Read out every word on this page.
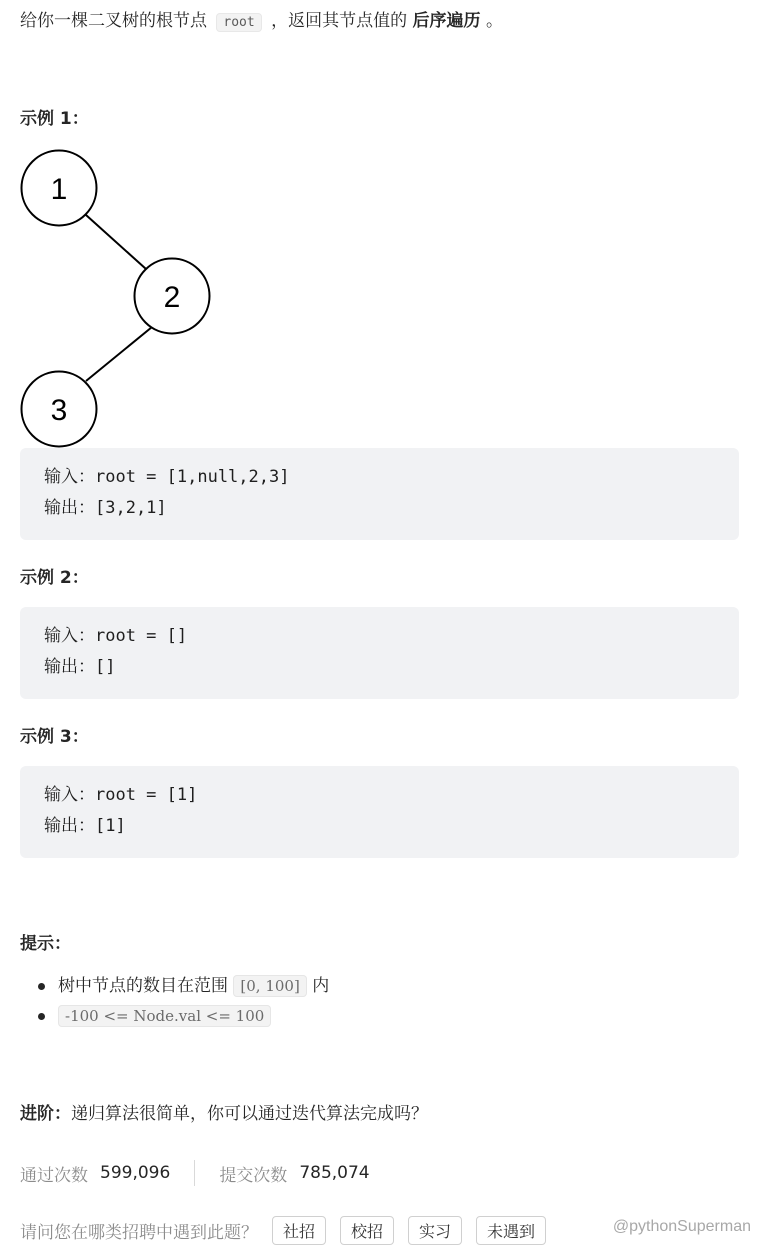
给你一棵二叉树的根节点 root ，返回其节点值的 后序遍历 。
示例 1：
1
2
3
输入：root = [1,null,2,3]
输出：[3,2,1]
示例 2：
输入：root = []
输出：[]
示例 3：
输入：root = [1]
输出：[1]
提示：
树中节点的数目在范围 [0, 100] 内
-100 <= Node.val <= 100
进阶：递归算法很简单，你可以通过迭代算法完成吗？
通过次数 599,096	提交次数 785,074
请问您在哪类招聘中遇到此题？	社招	校招	实习	未遇到	@pythonSuperman
